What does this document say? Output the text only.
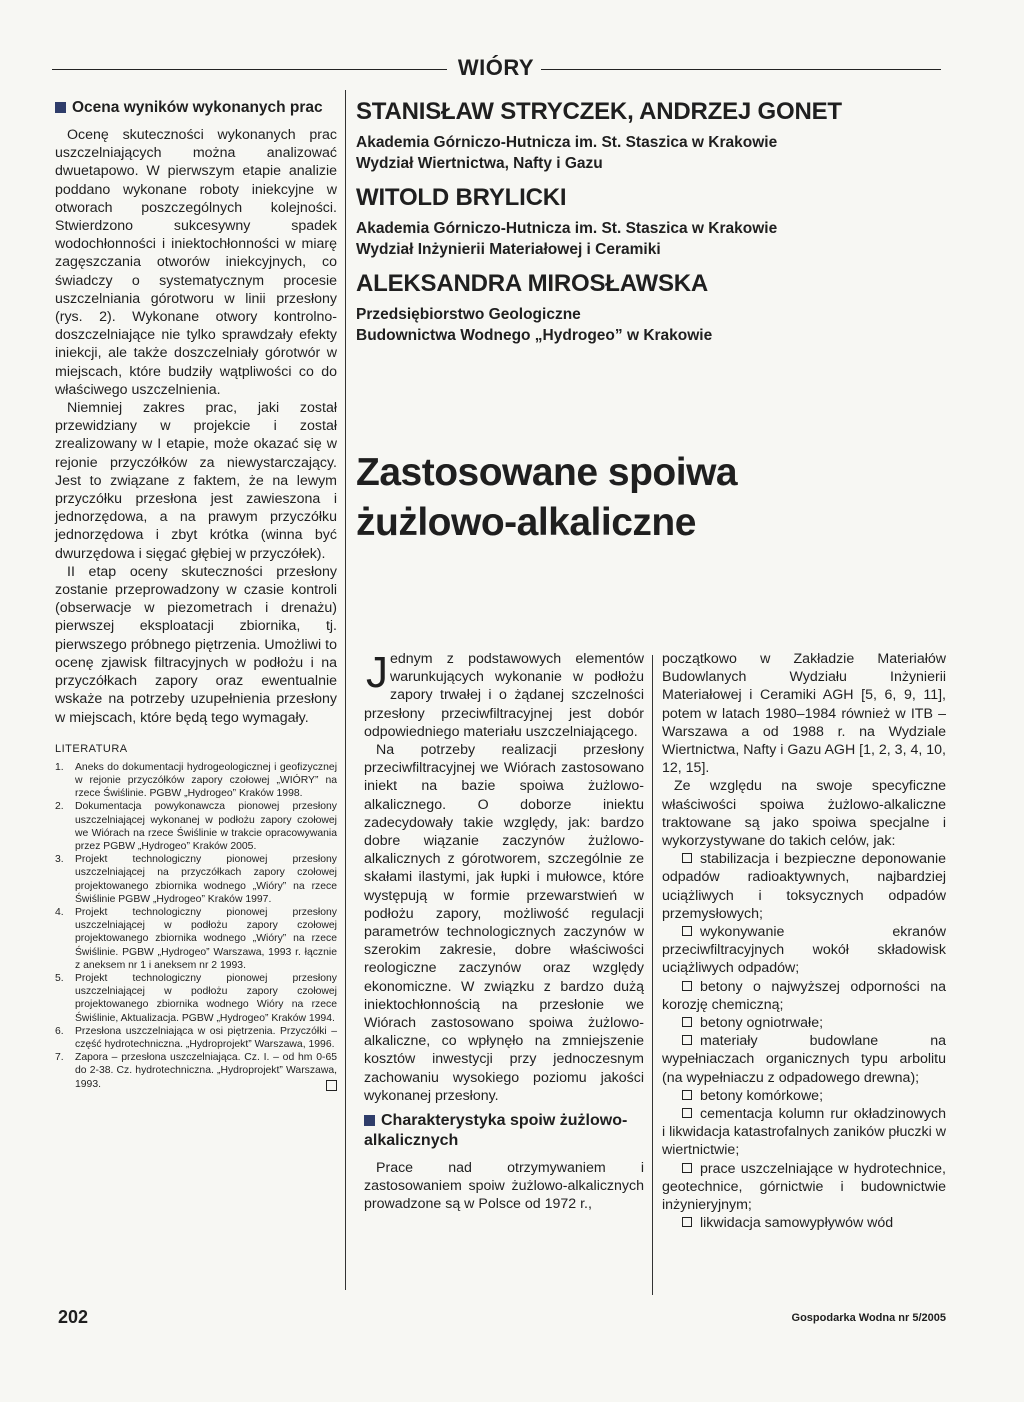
WIÓRY
Ocena wyników wykonanych prac

Ocenę skuteczności wykonanych prac uszczelniających można analizować dwuetapowo. W pierwszym etapie analizie poddano wykonane roboty iniekcyjne w otworach poszczególnych kolejności. Stwierdzono sukcesywny spadek wodochłonności i iniektochłonności w miarę zagęszczania otworów iniekcyjnych, co świadczy o systematycznym procesie uszczelniania górotworu w linii przesłony (rys. 2). Wykonane otwory kontrolno-doszczelniające nie tylko sprawdzały efekty iniekcji, ale także doszczelniały górotwór w miejscach, które budziły wątpliwości co do właściwego uszczelnienia.

Niemniej zakres prac, jaki został przewidziany w projekcie i został zrealizowany w I etapie, może okazać się w rejonie przyczółków za niewystarczający. Jest to związane z faktem, że na lewym przyczółku przesłona jest zawieszona i jednorzędowa, a na prawym przyczółku jednorzędowa i zbyt krótka (winna być dwurzędowa i sięgać głębiej w przyczółek).

II etap oceny skuteczności przesłony zostanie przeprowadzony w czasie kontroli (obserwacje w piezometrach i drenażu) pierwszej eksploatacji zbiornika, tj. pierwszego próbnego piętrzenia. Umożliwi to ocenę zjawisk filtracyjnych w podłożu i na przyczółkach zapory oraz ewentualnie wskaże na potrzeby uzupełnienia przesłony w miejscach, które będą tego wymagały.

LITERATURA
1. Aneks do dokumentacji hydrogeologicznej i geofizycznej w rejonie przyczółków zapory czołowej „WIÓRY” na rzece Świślinie. PGBW „Hydrogeo” Kraków 1998.
2. Dokumentacja powykonawcza pionowej przesłony uszczelniającej wykonanej w podłożu zapory czołowej we Wiórach na rzece Świślinie w trakcie opracowywania przez PGBW „Hydrogeo” Kraków 2005.
3. Projekt technologiczny pionowej przesłony uszczelniającej na przyczółkach zapory czołowej projektowanego zbiornika wodnego „Wióry” na rzece Świślinie PGBW „Hydrogeo” Kraków 1997.
4. Projekt technologiczny pionowej przesłony uszczelniającej w podłożu zapory czołowej projektowanego zbiornika wodnego „Wióry” na rzece Świślinie. PGBW „Hydrogeo” Warszawa, 1993 r. łącznie z aneksem nr 1 i aneksem nr 2 1993.
5. Projekt technologiczny pionowej przesłony uszczelniającej w podłożu zapory czołowej projektowanego zbiornika wodnego Wióry na rzece Świślinie, Aktualizacja. PGBW „Hydrogeo” Kraków 1994.
6. Przesłona uszczelniająca w osi piętrzenia. Przyczółki – część hydrotechniczna. „Hydroprojekt” Warszawa, 1996.
7. Zapora – przesłona uszczelniająca. Cz. I. – od hm 0-65 do 2-38. Cz. hydrotechniczna. „Hydroprojekt” Warszawa, 1993.
STANISŁAW STRYCZEK, ANDRZEJ GONET
Akademia Górniczo-Hutnicza im. St. Staszica w Krakowie
Wydział Wiertnictwa, Nafty i Gazu
WITOLD BRYLICKI
Akademia Górniczo-Hutnicza im. St. Staszica w Krakowie
Wydział Inżynierii Materiałowej i Ceramiki
ALEKSANDRA MIROSŁAWSKA
Przedsiębiorstwo Geologiczne
Budownictwa Wodnego „Hydrogeo” w Krakowie
Zastosowane spoiwa
żużlowo-alkaliczne

Jednym z podstawowych elementów warunkujących wykonanie w podłożu zapory trwałej i o żądanej szczelności przesłony przeciwfiltracyjnej jest dobór odpowiedniego materiału uszczelniającego.

Na potrzeby realizacji przesłony przeciwfiltracyjnej we Wiórach zastosowano iniekt na bazie spoiwa żużlowo-alkalicznego. O doborze iniektu zadecydowały takie względy, jak: bardzo dobre wiązanie zaczynów żużlowo-alkalicznych z górotworem, szczególnie ze skałami ilastymi, jak łupki i mułowce, które występują w formie przewarstwień w podłożu zapory, możliwość regulacji parametrów technologicznych zaczynów w szerokim zakresie, dobre właściwości reologiczne zaczynów oraz względy ekonomiczne. W związku z bardzo dużą iniektochłonnością na przesłonie we Wiórach zastosowano spoiwa żużlowo-alkaliczne, co wpłynęło na zmniejszenie kosztów inwestycji przy jednoczesnym zachowaniu wysokiego poziomu jakości wykonanej przesłony.

Charakterystyka spoiw żużlowo-alkalicznych

Prace nad otrzymywaniem i zastosowaniem spoiw żużlowo-alkalicznych prowadzone są w Polsce od 1972 r.,

początkowo w Zakładzie Materiałów Budowlanych Wydziału Inżynierii Materiałowej i Ceramiki AGH [5, 6, 9, 11], potem w latach 1980–1984 również w ITB – Warszawa a od 1988 r. na Wydziale Wiertnictwa, Nafty i Gazu AGH [1, 2, 3, 4, 10, 12, 15].

Ze względu na swoje specyficzne właściwości spoiwa żużlowo-alkaliczne traktowane są jako spoiwa specjalne i wykorzystywane do takich celów, jak:

stabilizacja i bezpieczne deponowanie odpadów radioaktywnych, najbardziej uciążliwych i toksycznych odpadów przemysłowych;

wykonywanie ekranów przeciwfiltracyjnych wokół składowisk uciążliwych odpadów;

betony o najwyższej odporności na korozję chemiczną;

betony ogniotrwałe;

materiały budowlane na wypełniaczach organicznych typu arbolitu (na wypełniaczu z odpadowego drewna);

betony komórkowe;

cementacja kolumn rur okładzinowych i likwidacja katastrofalnych zaników płuczki w wiertnictwie;

prace uszczelniające w hydrotechnice, geotechnice, górnictwie i budownictwie inżynieryjnym;

likwidacja samowypływów wód

202	Gospodarka Wodna nr 5/2005
